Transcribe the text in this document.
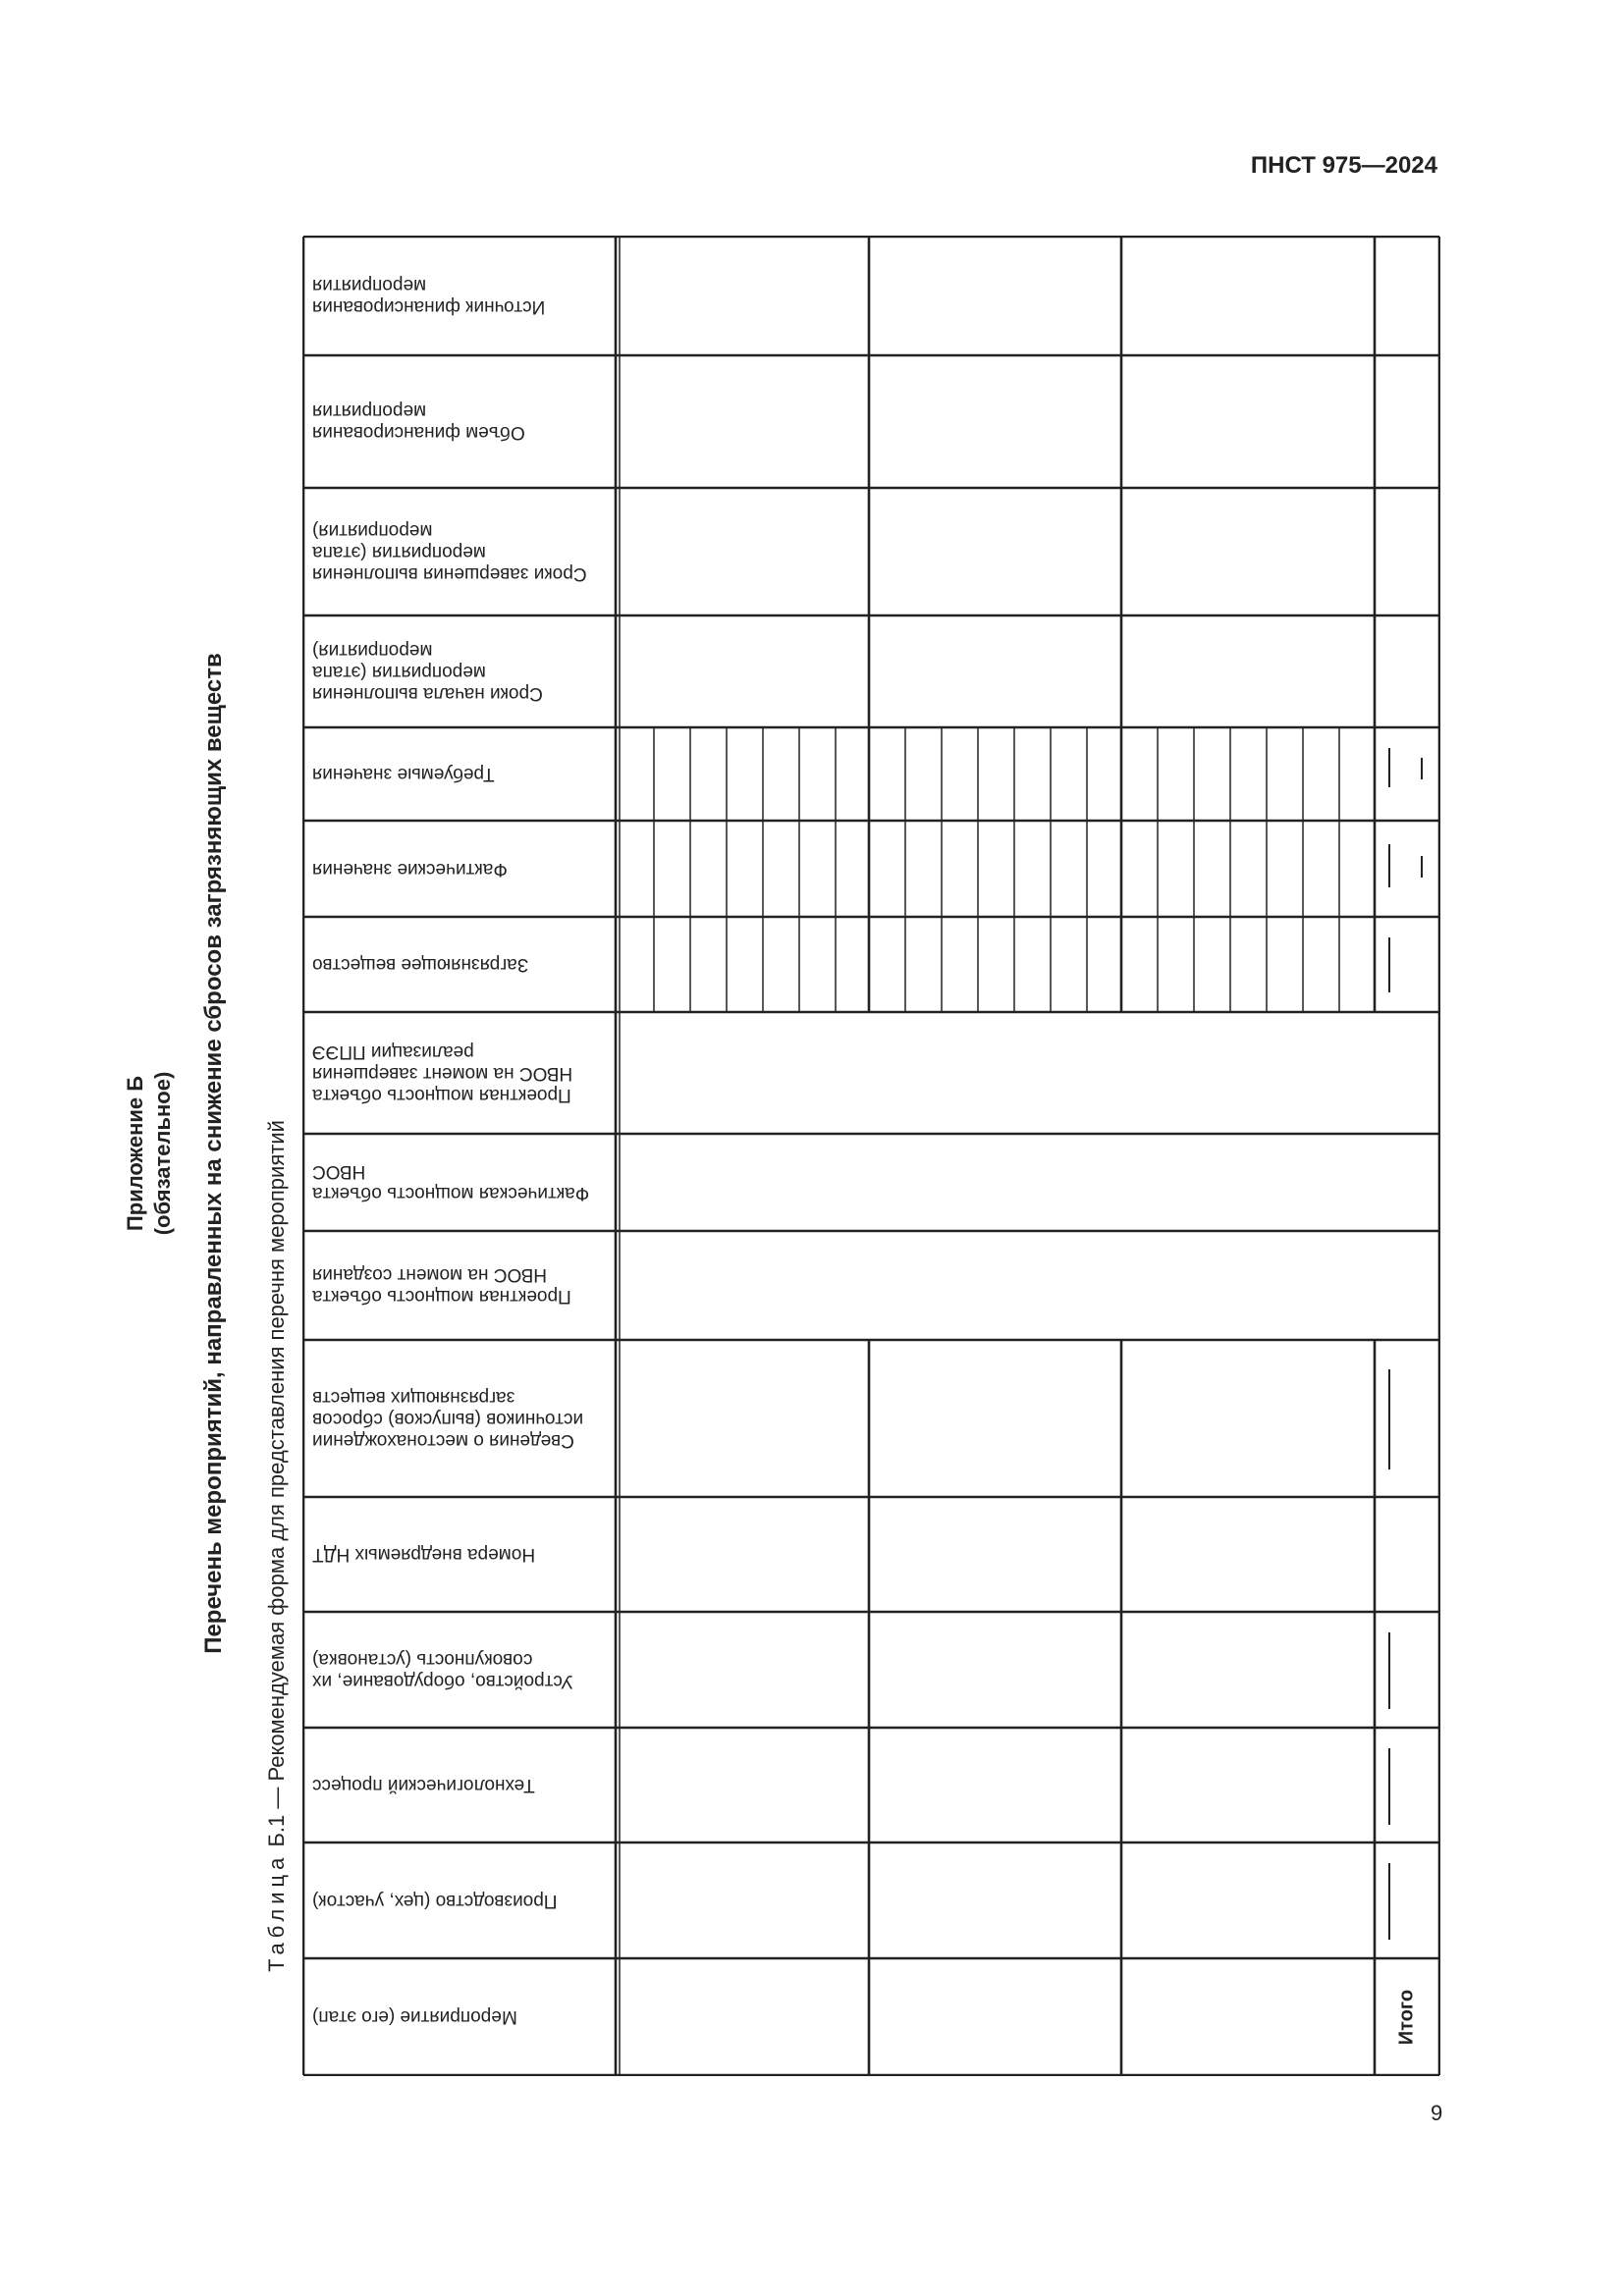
ПНСТ 975—2024
Приложение Б (обязательное) Перечень мероприятий, направленных на снижение сбросов загрязняющих веществ
Таблица Б.1 — Рекомендуемая форма для представления перечня мероприятий
Источник финансирования мероприятия
Объем финансирования мероприятия
Сроки завершения выполнения мероприятия (этапа мероприятия)
Сроки начала выполнения мероприятия (этапа мероприятия)
Требуемые значения
Фактические значения
Загрязняющее вещество
Проектная мощность объекта НВОС на момент завершения реализации ППЭЭ
Фактическая мощность объекта НВОС
Проектная мощность объекта НВОС на момент создания
Сведения о местонахождении источников (выпусков) сбросов загрязняющих веществ
Номера внедряемых НДТ
Устройство, оборудование, их совокупность (установка)
Технологический процесс
Производство (цех, участок)
Мероприятие (его этап)	Итого
9
